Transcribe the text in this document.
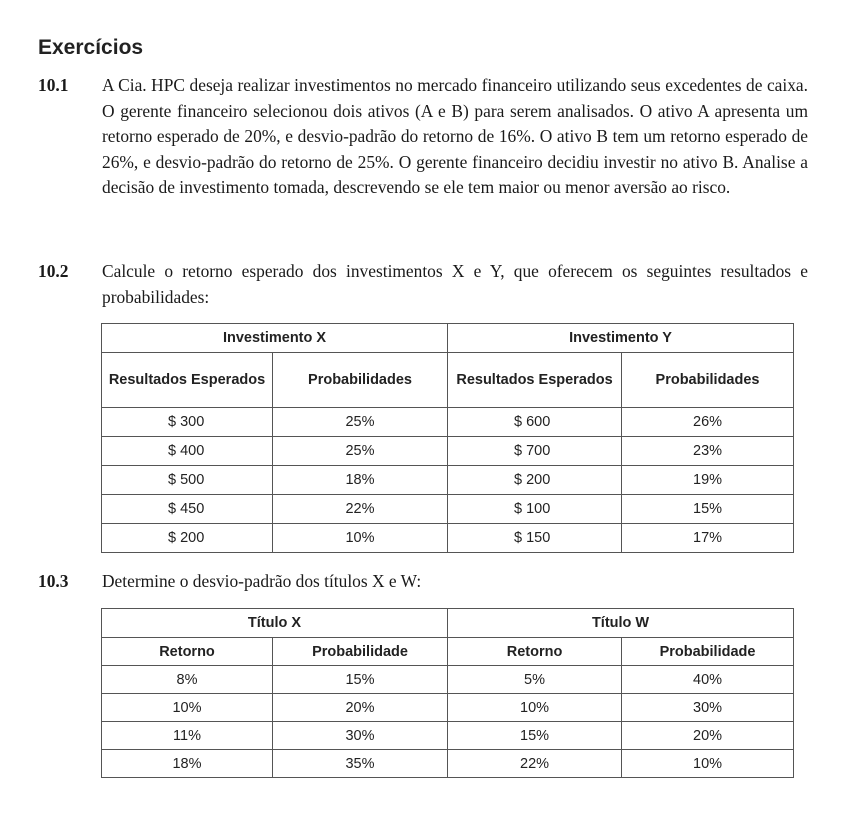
Exercícios
10.1 A Cia. HPC deseja realizar investimentos no mercado financeiro utilizando seus excedentes de caixa. O gerente financeiro selecionou dois ativos (A e B) para serem analisados. O ativo A apresenta um retorno esperado de 20%, e desvio-padrão do retorno de 16%. O ativo B tem um retorno esperado de 26%, e desvio-padrão do retorno de 25%. O gerente financeiro decidiu investir no ativo B. Analise a decisão de investimento tomada, descrevendo se ele tem maior ou menor aversão ao risco.
10.2 Calcule o retorno esperado dos investimentos X e Y, que oferecem os seguintes resultados e probabilidades:
Investimento X		Investimento Y	
Resultados Esperados	Probabilidades	Resultados Esperados	Probabilidades
$ 300	25%	$ 600	26%
$ 400	25%	$ 700	23%
$ 500	18%	$ 200	19%
$ 450	22%	$ 100	15%
$ 200	10%	$ 150	17%
10.3 Determine o desvio-padrão dos títulos X e W:
Título X		Título W	
Retorno	Probabilidade	Retorno	Probabilidade
8%	15%	5%	40%
10%	20%	10%	30%
11%	30%	15%	20%
18%	35%	22%	10%
